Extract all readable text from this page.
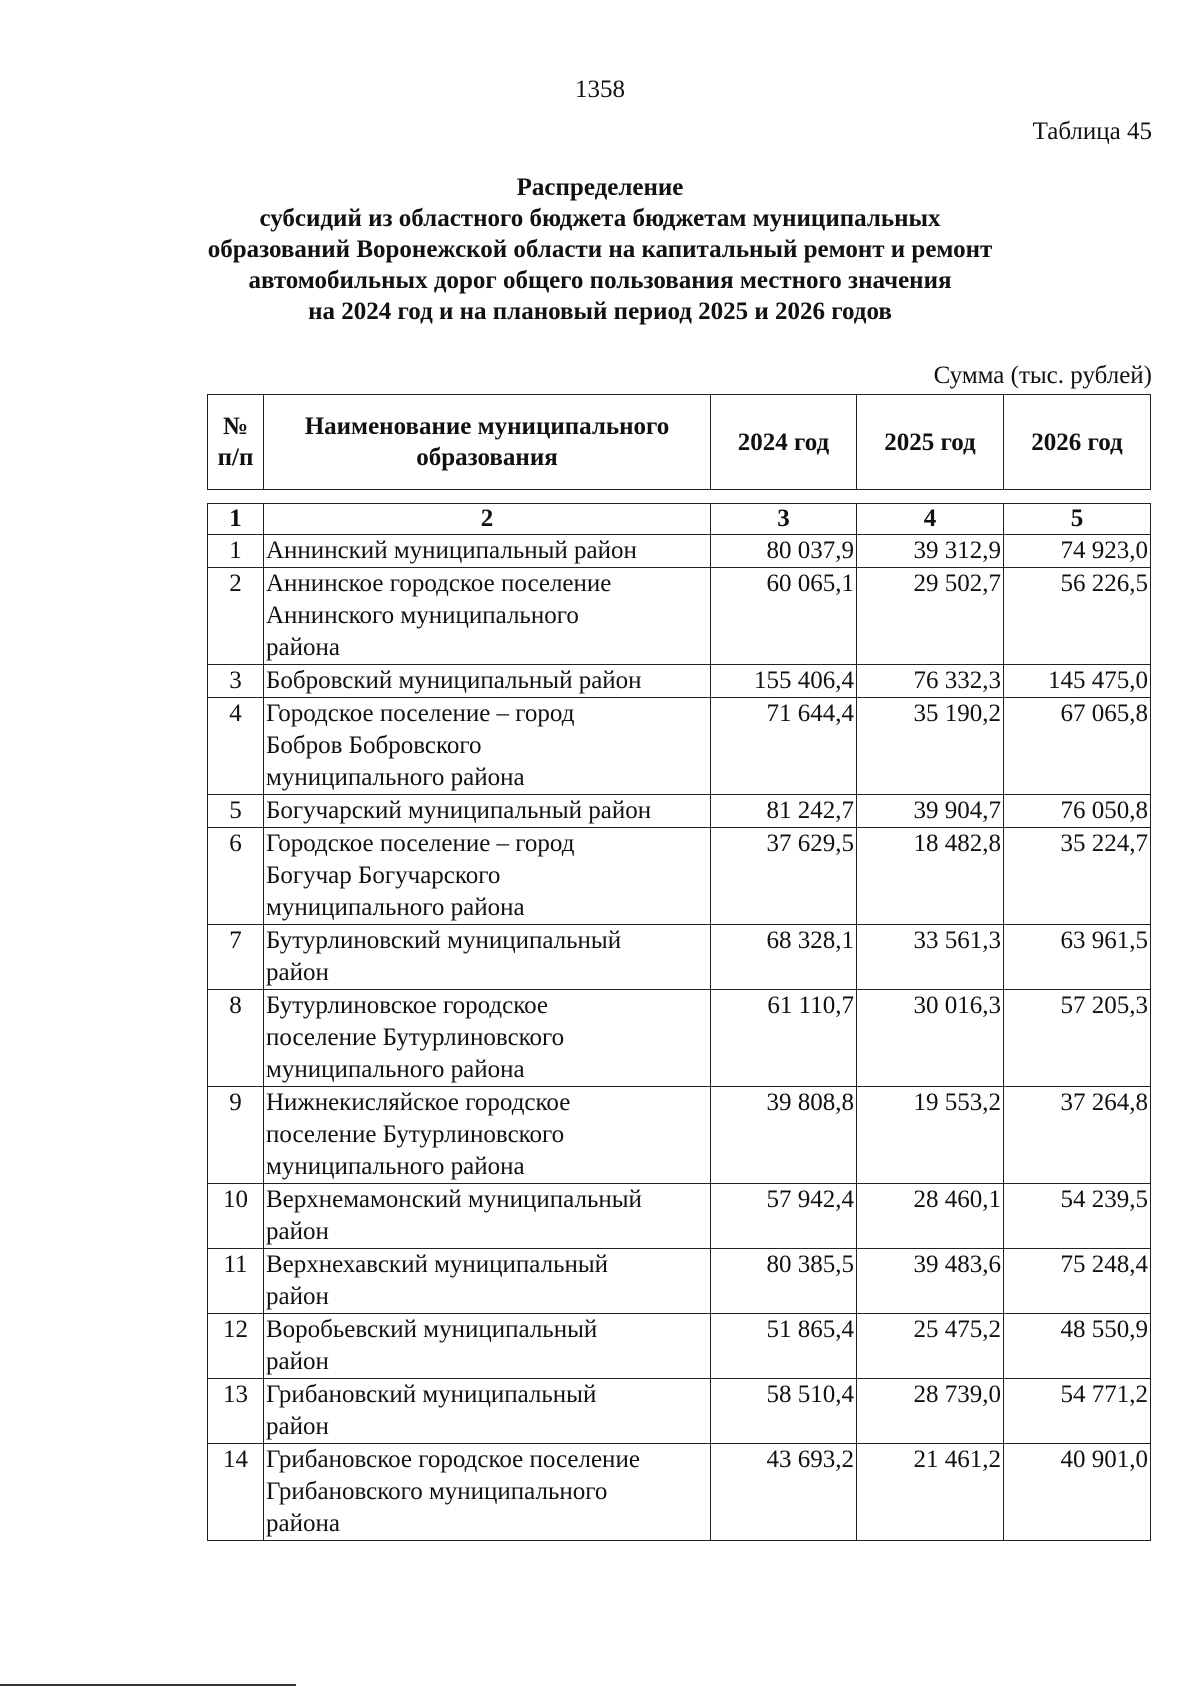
1358
Таблица 45
Распределение
субсидий из областного бюджета бюджетам муниципальных
образований Воронежской области на капитальный ремонт и ремонт
автомобильных дорог общего пользования местного значения
на 2024 год и на плановый период 2025 и 2026 годов
Сумма (тыс. рублей)
№
п/п

Наименование муниципального
образования
	2024 год	2025 год	2026 год
1	2	3	4	5
1	Аннинский муниципальный район	80 037,9	39 312,9	74 923,0
2	Аннинское городское поселение
Аннинского муниципального
района	60 065,1	29 502,7	56 226,5
3	Бобровский муниципальный район	155 406,4	76 332,3	145 475,0
4	Городское поселение – город
Бобров Бобровского
муниципального района	71 644,4	35 190,2	67 065,8
5	Богучарский муниципальный район	81 242,7	39 904,7	76 050,8
6	Городское поселение – город
Богучар Богучарского
муниципального района	37 629,5	18 482,8	35 224,7
7	Бутурлиновский муниципальный
район	68 328,1	33 561,3	63 961,5
8	Бутурлиновское городское
поселение Бутурлиновского
муниципального района	61 110,7	30 016,3	57 205,3
9	Нижнекисляйское городское
поселение Бутурлиновского
муниципального района	39 808,8	19 553,2	37 264,8
10	Верхнемамонский муниципальный
район	57 942,4	28 460,1	54 239,5
11	Верхнехавский муниципальный
район	80 385,5	39 483,6	75 248,4
12	Воробьевский муниципальный
район	51 865,4	25 475,2	48 550,9
13	Грибановский муниципальный
район	58 510,4	28 739,0	54 771,2
14	Грибановское городское поселение
Грибановского муниципального
района	43 693,2	21 461,2	40 901,0
